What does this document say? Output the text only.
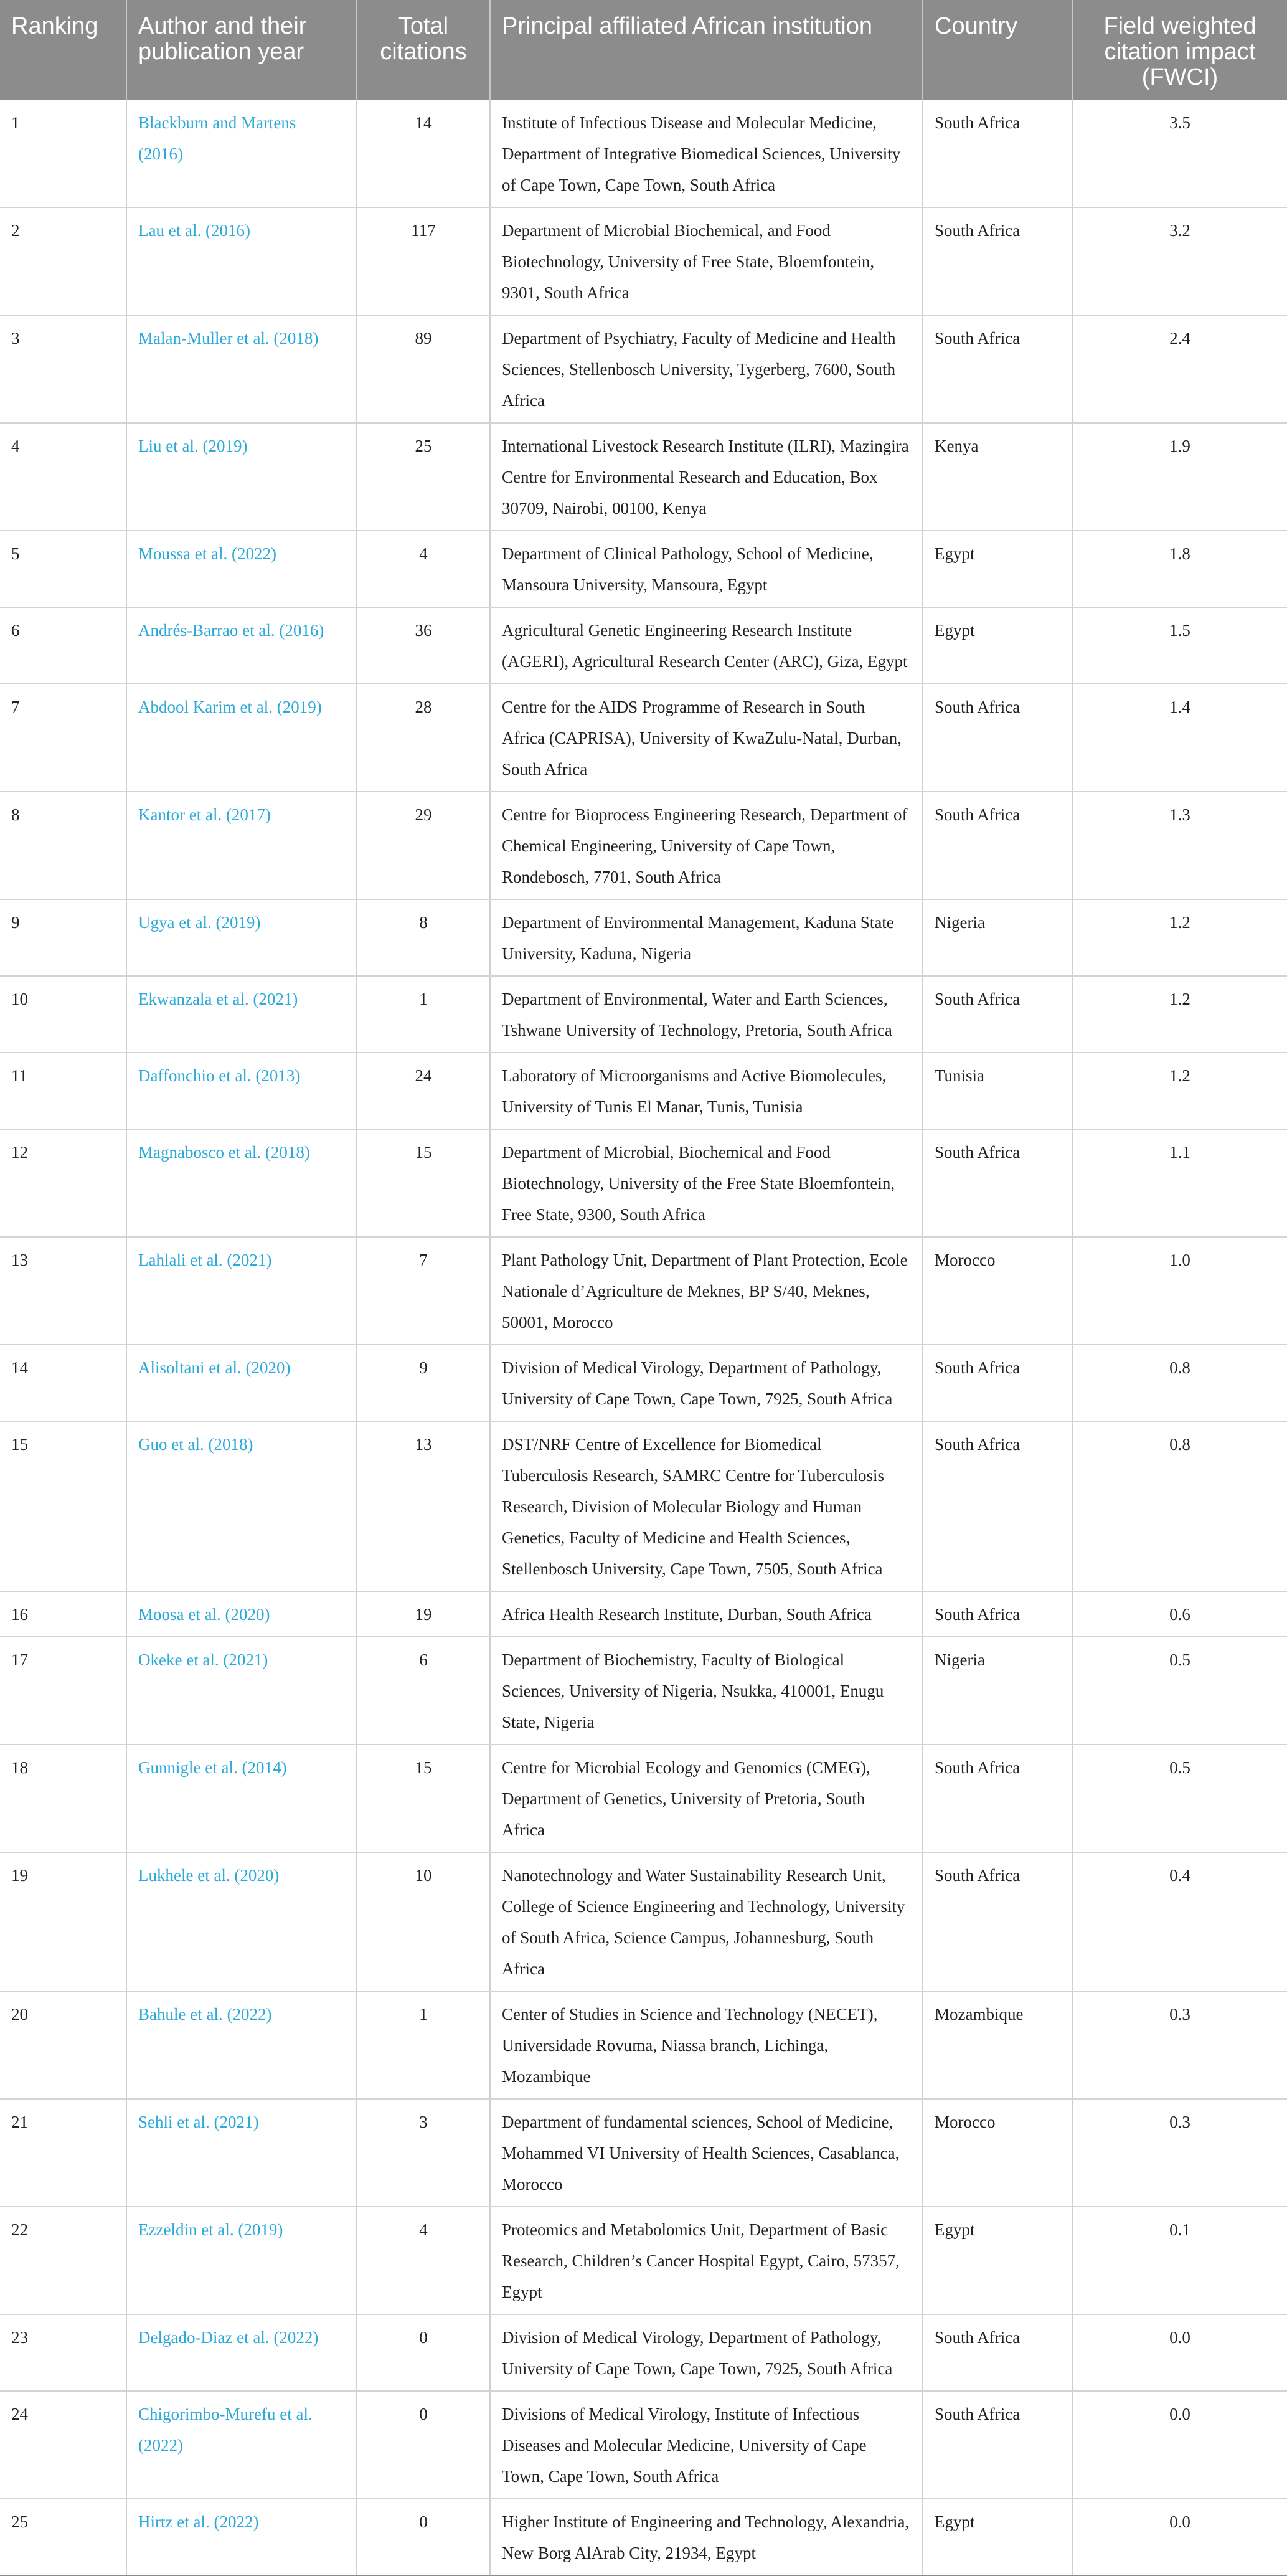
Ranking	Author and their publication year	Total citations	Principal affiliated African institution	Country	Field weighted citation impact (FWCI)
1	Blackburn and Martens (2016)	14	Institute of Infectious Disease and Molecular Medicine, Department of Integrative Biomedical Sciences, University of Cape Town, Cape Town, South Africa	South Africa	3.5
2	Lau et al. (2016)	117	Department of Microbial Biochemical, and Food Biotechnology, University of Free State, Bloemfontein, 9301, South Africa	South Africa	3.2
3	Malan-Muller et al. (2018)	89	Department of Psychiatry, Faculty of Medicine and Health Sciences, Stellenbosch University, Tygerberg, 7600, South Africa	South Africa	2.4
4	Liu et al. (2019)	25	International Livestock Research Institute (ILRI), Mazingira Centre for Environmental Research and Education, Box 30709, Nairobi, 00100, Kenya	Kenya	1.9
5	Moussa et al. (2022)	4	Department of Clinical Pathology, School of Medicine, Mansoura University, Mansoura, Egypt	Egypt	1.8
6	Andrés-Barrao et al. (2016)	36	Agricultural Genetic Engineering Research Institute (AGERI), Agricultural Research Center (ARC), Giza, Egypt	Egypt	1.5
7	Abdool Karim et al. (2019)	28	Centre for the AIDS Programme of Research in South Africa (CAPRISA), University of KwaZulu-Natal, Durban, South Africa	South Africa	1.4
8	Kantor et al. (2017)	29	Centre for Bioprocess Engineering Research, Department of Chemical Engineering, University of Cape Town, Rondebosch, 7701, South Africa	South Africa	1.3
9	Ugya et al. (2019)	8	Department of Environmental Management, Kaduna State University, Kaduna, Nigeria	Nigeria	1.2
10	Ekwanzala et al. (2021)	1	Department of Environmental, Water and Earth Sciences, Tshwane University of Technology, Pretoria, South Africa	South Africa	1.2
11	Daffonchio et al. (2013)	24	Laboratory of Microorganisms and Active Biomolecules, University of Tunis El Manar, Tunis, Tunisia	Tunisia	1.2
12	Magnabosco et al. (2018)	15	Department of Microbial, Biochemical and Food Biotechnology, University of the Free State Bloemfontein, Free State, 9300, South Africa	South Africa	1.1
13	Lahlali et al. (2021)	7	Plant Pathology Unit, Department of Plant Protection, Ecole Nationale d’Agriculture de Meknes, BP S/40, Meknes, 50001, Morocco	Morocco	1.0
14	Alisoltani et al. (2020)	9	Division of Medical Virology, Department of Pathology, University of Cape Town, Cape Town, 7925, South Africa	South Africa	0.8
15	Guo et al. (2018)	13	DST/NRF Centre of Excellence for Biomedical Tuberculosis Research, SAMRC Centre for Tuberculosis Research, Division of Molecular Biology and Human Genetics, Faculty of Medicine and Health Sciences, Stellenbosch University, Cape Town, 7505, South Africa	South Africa	0.8
16	Moosa et al. (2020)	19	Africa Health Research Institute, Durban, South Africa	South Africa	0.6
17	Okeke et al. (2021)	6	Department of Biochemistry, Faculty of Biological Sciences, University of Nigeria, Nsukka, 410001, Enugu State, Nigeria	Nigeria	0.5
18	Gunnigle et al. (2014)	15	Centre for Microbial Ecology and Genomics (CMEG), Department of Genetics, University of Pretoria, South Africa	South Africa	0.5
19	Lukhele et al. (2020)	10	Nanotechnology and Water Sustainability Research Unit, College of Science Engineering and Technology, University of South Africa, Science Campus, Johannesburg, South Africa	South Africa	0.4
20	Bahule et al. (2022)	1	Center of Studies in Science and Technology (NECET), Universidade Rovuma, Niassa branch, Lichinga, Mozambique	Mozambique	0.3
21	Sehli et al. (2021)	3	Department of fundamental sciences, School of Medicine, Mohammed VI University of Health Sciences, Casablanca, Morocco	Morocco	0.3
22	Ezzeldin et al. (2019)	4	Proteomics and Metabolomics Unit, Department of Basic Research, Children’s Cancer Hospital Egypt, Cairo, 57357, Egypt	Egypt	0.1
23	Delgado-Diaz et al. (2022)	0	Division of Medical Virology, Department of Pathology, University of Cape Town, Cape Town, 7925, South Africa	South Africa	0.0
24	Chigorimbo-Murefu et al. (2022)	0	Divisions of Medical Virology, Institute of Infectious Diseases and Molecular Medicine, University of Cape Town, Cape Town, South Africa	South Africa	0.0
25	Hirtz et al. (2022)	0	Higher Institute of Engineering and Technology, Alexandria, New Borg AlArab City, 21934, Egypt	Egypt	0.0
